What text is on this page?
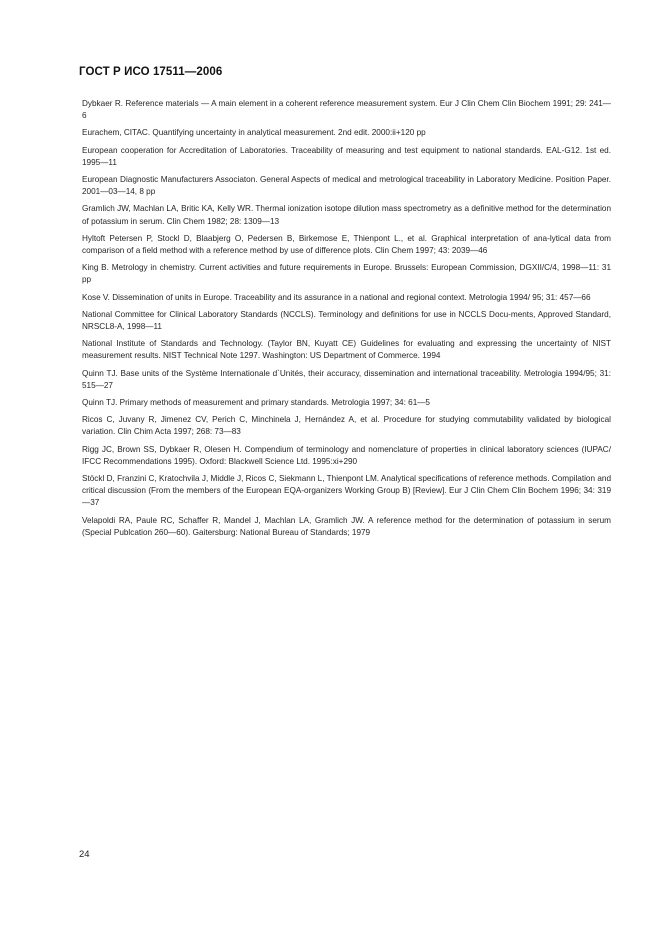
ГОСТ Р ИСО 17511—2006
Dybkaer R. Reference materials — A main element in a coherent reference measurement system. Eur J Clin Chem Clin Biochem 1991; 29: 241—6
Eurachem, CITAC. Quantifying uncertainty in analytical measurement. 2nd edit. 2000:ii+120 pp
European cooperation for Accreditation of Laboratories. Traceability of measuring and test equipment to national standards. EAL-G12. 1st ed. 1995—11
European Diagnostic Manufacturers Associaton. General Aspects of medical and metrological traceability in Laboratory Medicine. Position Paper. 2001—03—14, 8 pp
Gramlich JW, Machlan LA, Britic KA, Kelly WR. Thermal ionization isotope dilution mass spectrometry as a definitive method for the determination of potassium in serum. Clin Chem 1982; 28: 1309—13
Hyltoft Petersen P, Stockl D, Blaabjerg O, Pedersen B, Birkemose E, Thienpont L., et al. Graphical interpretation of ana-lytical data from comparison of a field method with a reference method by use of difference plots. Clin Chem 1997; 43: 2039—46
King B. Metrology in chemistry. Current activities and future requirements in Europe. Brussels: European Commission, DGXII/C/4, 1998—11: 31 pp
Kose V. Dissemination of units in Europe. Traceability and its assurance in a national and regional context. Metrologia 1994/ 95; 31: 457—66
National Committee for Clinical Laboratory Standards (NCCLS). Terminology and definitions for use in NCCLS Docu-ments, Approved Standard, NRSCL8-A, 1998—11
National Institute of Standards and Technology. (Taylor BN, Kuyatt CE) Guidelines for evaluating and expressing the uncertainty of NIST measurement results. NIST Technical Note 1297. Washington: US Department of Commerce. 1994
Quinn TJ. Base units of the Système Internationale d`Unités, their accuracy, dissemination and international traceability. Metrologia 1994/95; 31: 515—27
Quinn TJ. Primary methods of measurement and primary standards. Metrologia 1997; 34: 61—5
Ricos C, Juvany R, Jimenez CV, Perich C, Minchinela J, Hernández A, et al. Procedure for studying commutability validated by biological variation. Clin Chim Acta 1997; 268: 73—83
Rigg JC, Brown SS, Dybkaer R, Olesen H. Compendium of terminology and nomenclature of properties in clinical laboratory sciences (IUPAC/ IFCC Recommendations 1995). Oxford: Blackwell Science Ltd. 1995:xi+290
Stöckl D, Franzini C, Kratochvila J, Middle J, Ricos C, Siekmann L, Thienpont LM. Analytical specifications of reference methods. Compilation and critical discussion (From the members of the European EQA-organizers Working Group B) [Review]. Eur J Clin Chem Clin Bochem 1996; 34: 319—37
Velapoldi RA, Paule RC, Schaffer R, Mandel J, Machlan LA, Gramlich JW. A reference method for the determination of potassium in serum (Special Publcation 260—60). Gaitersburg: National Bureau of Standards; 1979
24
